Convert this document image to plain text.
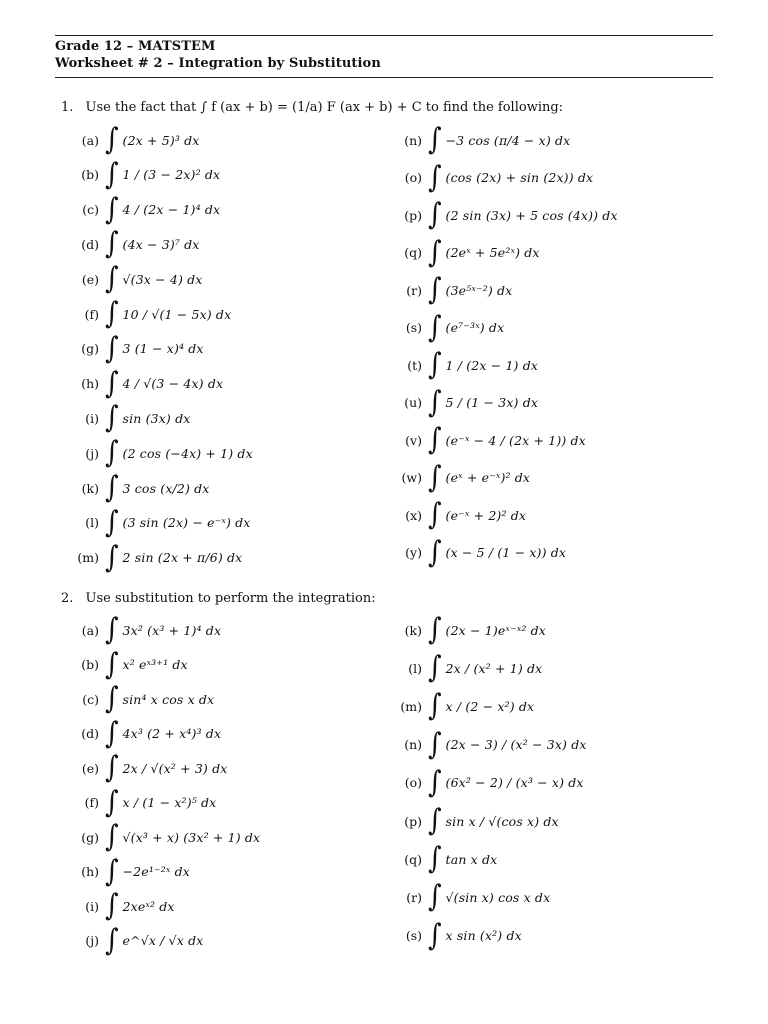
Grade 12 – MATSTEM
Worksheet # 2 – Integration by Substitution
1. Use the fact that ∫ f (ax + b) = (1/a) F (ax + b) + C to find the following:
(a) ∫ (2x + 5)³ dx
(b) ∫ 1 / (3 − 2x)² dx
(c) ∫ 4 / (2x − 1)⁴ dx
(d) ∫ (4x − 3)⁷ dx
(e) ∫ √(3x − 4) dx
(f) ∫ 10 / √(1 − 5x) dx
(g) ∫ 3 (1 − x)⁴ dx
(h) ∫ 4 / √(3 − 4x) dx
(i) ∫ sin (3x) dx
(j) ∫ (2 cos (−4x) + 1) dx
(k) ∫ 3 cos (x/2) dx
(l) ∫ (3 sin (2x) − e⁻ˣ) dx
(m) ∫ 2 sin (2x + π/6) dx
(n) ∫ −3 cos (π/4 − x) dx
(o) ∫ (cos (2x) + sin (2x)) dx
(p) ∫ (2 sin (3x) + 5 cos (4x)) dx
(q) ∫ (2eˣ + 5e²ˣ) dx
(r) ∫ (3e⁵ˣ⁻²) dx
(s) ∫ (e⁷⁻³ˣ) dx
(t) ∫ 1 / (2x − 1) dx
(u) ∫ 5 / (1 − 3x) dx
(v) ∫ (e⁻ˣ − 4 / (2x + 1)) dx
(w) ∫ (eˣ + e⁻ˣ)² dx
(x) ∫ (e⁻ˣ + 2)² dx
(y) ∫ (x − 5 / (1 − x)) dx
2. Use substitution to perform the integration:
(a) ∫ 3x² (x³ + 1)⁴ dx
(b) ∫ x² eˣ³⁺¹ dx
(c) ∫ sin⁴ x cos x dx
(d) ∫ 4x³ (2 + x⁴)³ dx
(e) ∫ 2x / √(x² + 3) dx
(f) ∫ x / (1 − x²)⁵ dx
(g) ∫ √(x³ + x) (3x² + 1) dx
(h) ∫ −2e¹⁻²ˣ dx
(i) ∫ 2xeˣ² dx
(j) ∫ e^√x / √x dx
(k) ∫ (2x − 1)eˣ⁻ˣ² dx
(l) ∫ 2x / (x² + 1) dx
(m) ∫ x / (2 − x²) dx
(n) ∫ (2x − 3) / (x² − 3x) dx
(o) ∫ (6x² − 2) / (x³ − x) dx
(p) ∫ sin x / √(cos x) dx
(q) ∫ tan x dx
(r) ∫ √(sin x) cos x dx
(s) ∫ x sin (x²) dx
